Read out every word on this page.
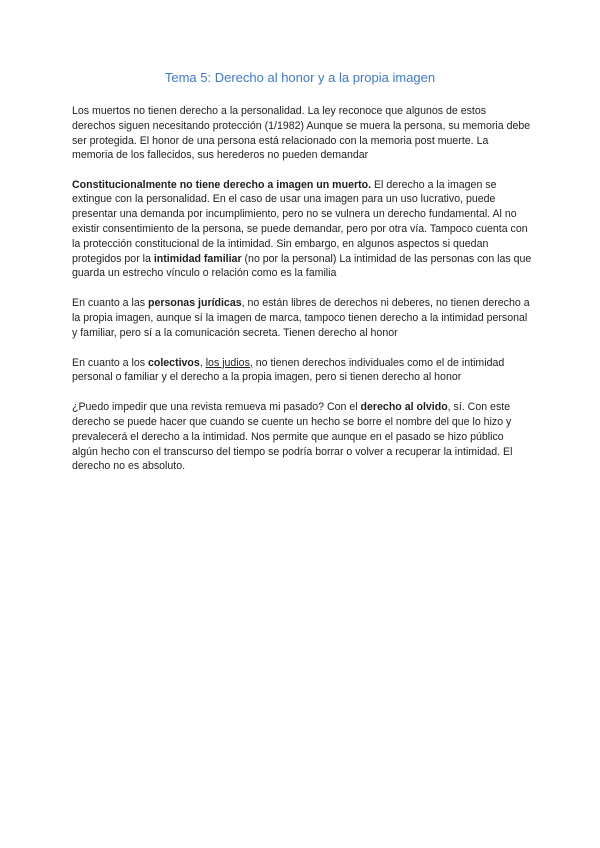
Tema 5: Derecho al honor y a la propia imagen

Los muertos no tienen derecho a la personalidad. La ley reconoce que algunos de estos derechos siguen necesitando protección (1/1982) Aunque se muera la persona, su memoria debe ser protegida. El honor de una persona está relacionado con la memoria post muerte. La memoria de los fallecidos, sus herederos no pueden demandar

Constitucionalmente no tiene derecho a imagen un muerto. El derecho a la imagen se extingue con la personalidad. En el caso de usar una imagen para un uso lucrativo, puede presentar una demanda por incumplimiento, pero no se vulnera un derecho fundamental. Al no existir consentimiento de la persona, se puede demandar, pero por otra vía. Tampoco cuenta con la protección constitucional de la intimidad. Sin embargo, en algunos aspectos si quedan protegidos por la intimidad familiar (no por la personal) La intimidad de las personas con las que guarda un estrecho vínculo o relación como es la familia

En cuanto a las personas jurídicas, no están libres de derechos ni deberes, no tienen derecho a la propia imagen, aunque sí la imagen de marca, tampoco tienen derecho a la intimidad personal y familiar, pero sí a la comunicación secreta. Tienen derecho al honor

En cuanto a los colectivos, los judios, no tienen derechos individuales como el de intimidad personal o familiar y el derecho a la propia imagen, pero si tienen derecho al honor

¿Puedo impedir que una revista remueva mi pasado? Con el derecho al olvido, sí. Con este derecho se puede hacer que cuando se cuente un hecho se borre el nombre del que lo hizo y prevalecerá el derecho a la intimidad. Nos permite que aunque en el pasado se hizo público algún hecho con el transcurso del tiempo se podría borrar o volver a recuperar la intimidad. El derecho no es absoluto.
